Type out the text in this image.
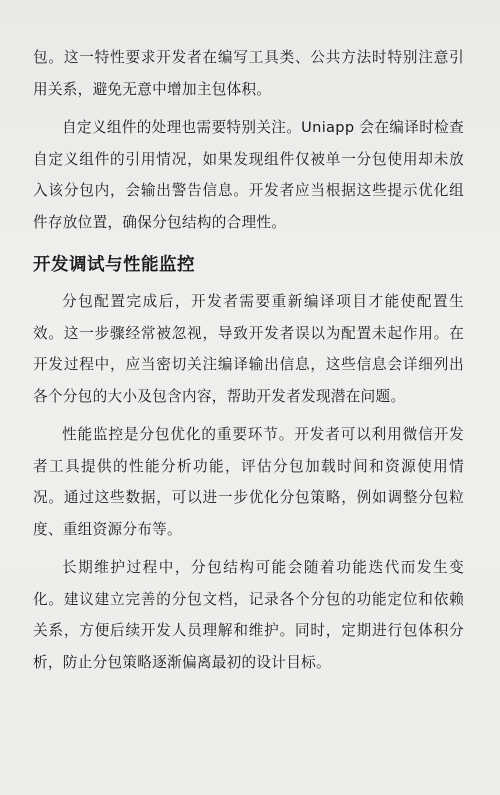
包。这一特性要求开发者在编写工具类、公共方法时特别注意引用关系，避免无意中增加主包体积。

自定义组件的处理也需要特别关注。Uniapp 会在编译时检查自定义组件的引用情况，如果发现组件仅被单一分包使用却未放入该分包内，会输出警告信息。开发者应当根据这些提示优化组件存放位置，确保分包结构的合理性。

开发调试与性能监控

分包配置完成后，开发者需要重新编译项目才能使配置生效。这一步骤经常被忽视，导致开发者误以为配置未起作用。在开发过程中，应当密切关注编译输出信息，这些信息会详细列出各个分包的大小及包含内容，帮助开发者发现潜在问题。

性能监控是分包优化的重要环节。开发者可以利用微信开发者工具提供的性能分析功能，评估分包加载时间和资源使用情况。通过这些数据，可以进一步优化分包策略，例如调整分包粒度、重组资源分布等。

长期维护过程中，分包结构可能会随着功能迭代而发生变化。建议建立完善的分包文档，记录各个分包的功能定位和依赖关系，方便后续开发人员理解和维护。同时，定期进行包体积分析，防止分包策略逐渐偏离最初的设计目标。
